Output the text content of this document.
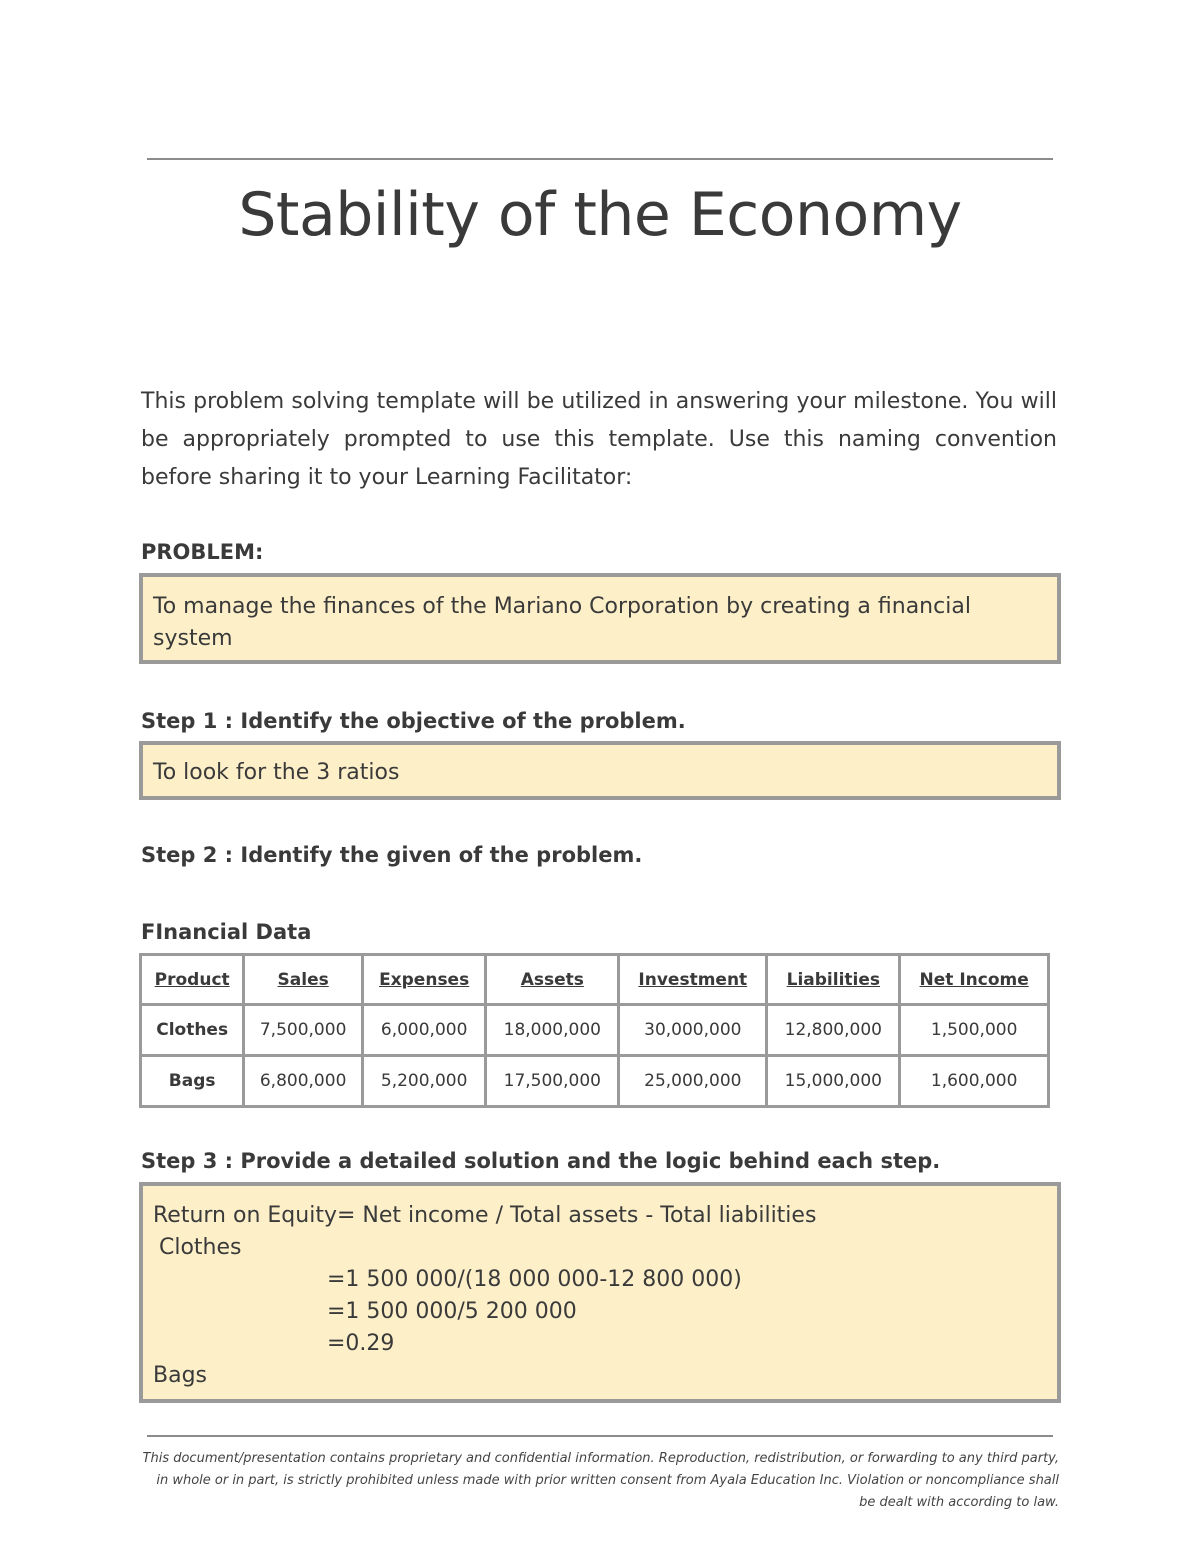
Stability of the Economy
This problem solving template will be utilized in answering your milestone. You will be appropriately prompted to use this template. Use this naming convention before sharing it to your Learning Facilitator:
PROBLEM:
To manage the finances of the Mariano Corporation by creating a financial system
Step 1 : Identify the objective of the problem.
To look for the 3 ratios
Step 2 : Identify the given of the problem.
FInancial Data
Product	Sales	Expenses	Assets	Investment	Liabilities	Net Income
Clothes	7,500,000	6,000,000	18,000,000	30,000,000	12,800,000	1,500,000
Bags	6,800,000	5,200,000	17,500,000	25,000,000	15,000,000	1,600,000
Step 3 : Provide a detailed solution and the logic behind each step.
Return on Equity= Net income / Total assets - Total liabilities
Clothes
=1 500 000/(18 000 000-12 800 000)
=1 500 000/5 200 000
=0.29
Bags
This document/presentation contains proprietary and confidential information. Reproduction, redistribution, or forwarding to any third party, in whole or in part, is strictly prohibited unless made with prior written consent from Ayala Education Inc. Violation or noncompliance shall be dealt with according to law.
